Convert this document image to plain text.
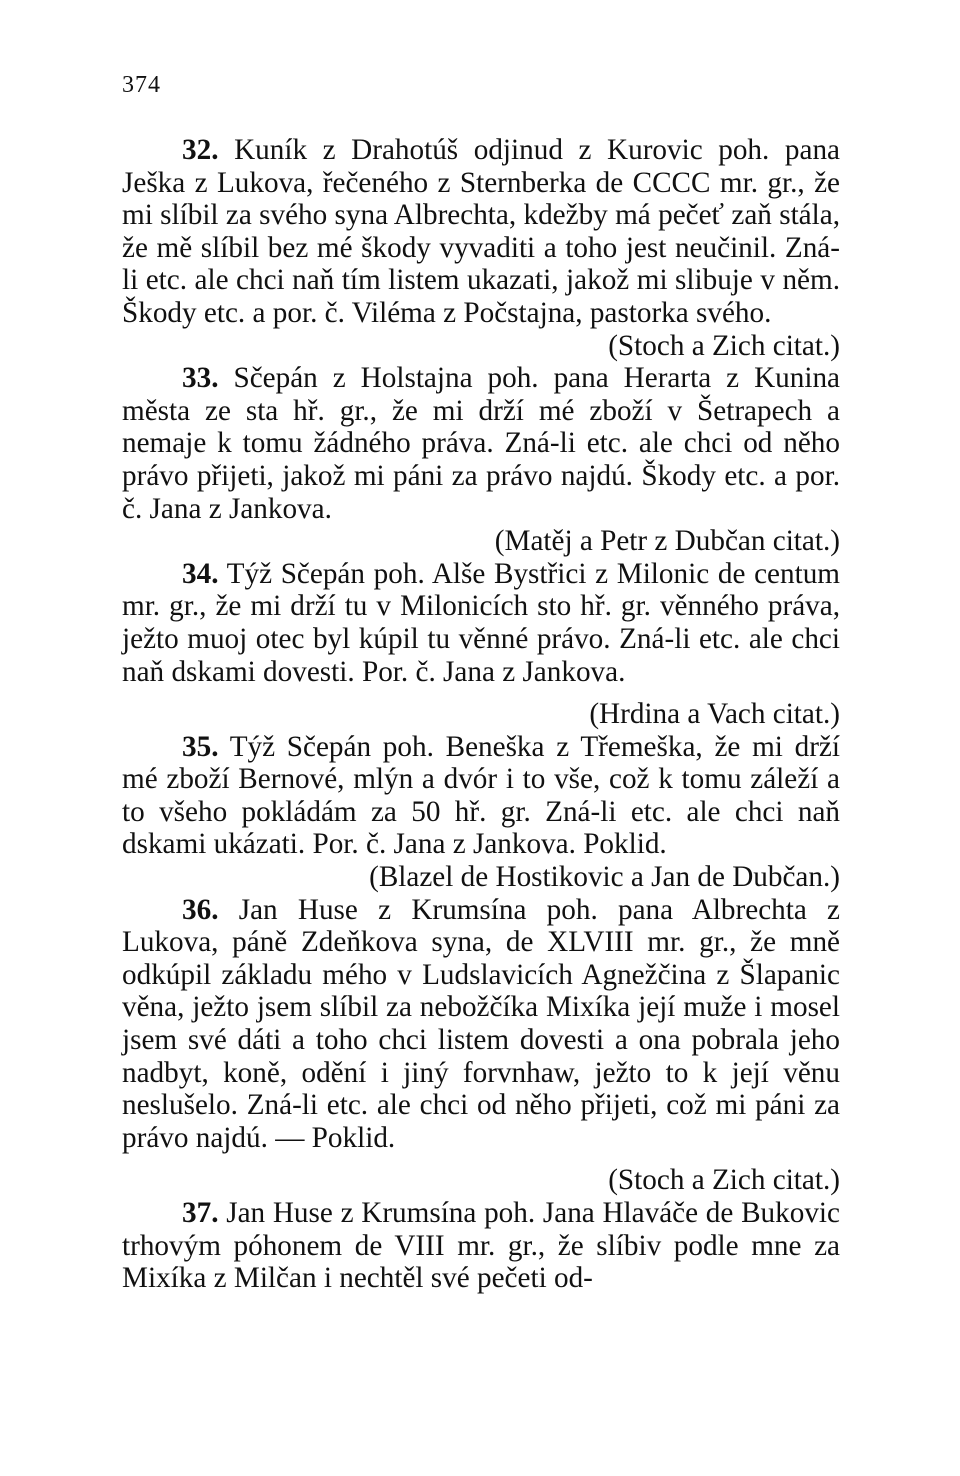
374

32. Kuník z Drahotúš odjinud z Kurovic poh. pana Ješka z Lukova, řečeného z Sternberka de CCCC mr. gr., že mi slíbil za svého syna Albrechta, kdežby má pečeť zaň stála, že mě slíbil bez mé škody vyvaditi a toho jest neučinil. Zná-li etc. ale chci naň tím listem ukazati, jakož mi slibuje v něm. Škody etc. a por. č. Viléma z Počstajna, pastorka svého.

(Stoch a Zich citat.)

33. Sčepán z Holstajna poh. pana Herarta z Kunina města ze sta hř. gr., že mi drží mé zboží v Šetrapech a nemaje k tomu žádného práva. Zná-li etc. ale chci od něho právo přijeti, jakož mi páni za právo najdú. Škody etc. a por. č. Jana z Jankova.

(Matěj a Petr z Dubčan citat.)

34. Týž Sčepán poh. Alše Bystřici z Milonic de centum mr. gr., že mi drží tu v Milonicích sto hř. gr. věnného práva, ježto muoj otec byl kúpil tu věnné právo. Zná-li etc. ale chci naň dskami dovesti. Por. č. Jana z Jankova.

(Hrdina a Vach citat.)

35. Týž Sčepán poh. Beneška z Třemeška, že mi drží mé zboží Bernové, mlýn a dvór i to vše, což k tomu záleží a to všeho pokládám za 50 hř. gr. Zná-li etc. ale chci naň dskami ukázati. Por. č. Jana z Jankova. Poklid.

(Blazel de Hostikovic a Jan de Dubčan.)

36. Jan Huse z Krumsína poh. pana Albrechta z Lukova, páně Zdeňkova syna, de XLVIII mr. gr., že mně odkúpil základu mého v Ludslavicích Agnežčina z Šlapanic věna, ježto jsem slíbil za nebožčíka Mixíka její muže i mosel jsem své dáti a toho chci listem dovesti a ona pobrala jeho nadbyt, koně, odění i jiný forvnhaw, ježto to k její věnu neslušelo. Zná-li etc. ale chci od něho přijeti, což mi páni za právo najdú. — Poklid.

(Stoch a Zich citat.)

37. Jan Huse z Krumsína poh. Jana Hlaváče de Bukovic trhovým póhonem de VIII mr. gr., že slíbiv podle mne za Mixíka z Milčan i nechtěl své pečeti od-
